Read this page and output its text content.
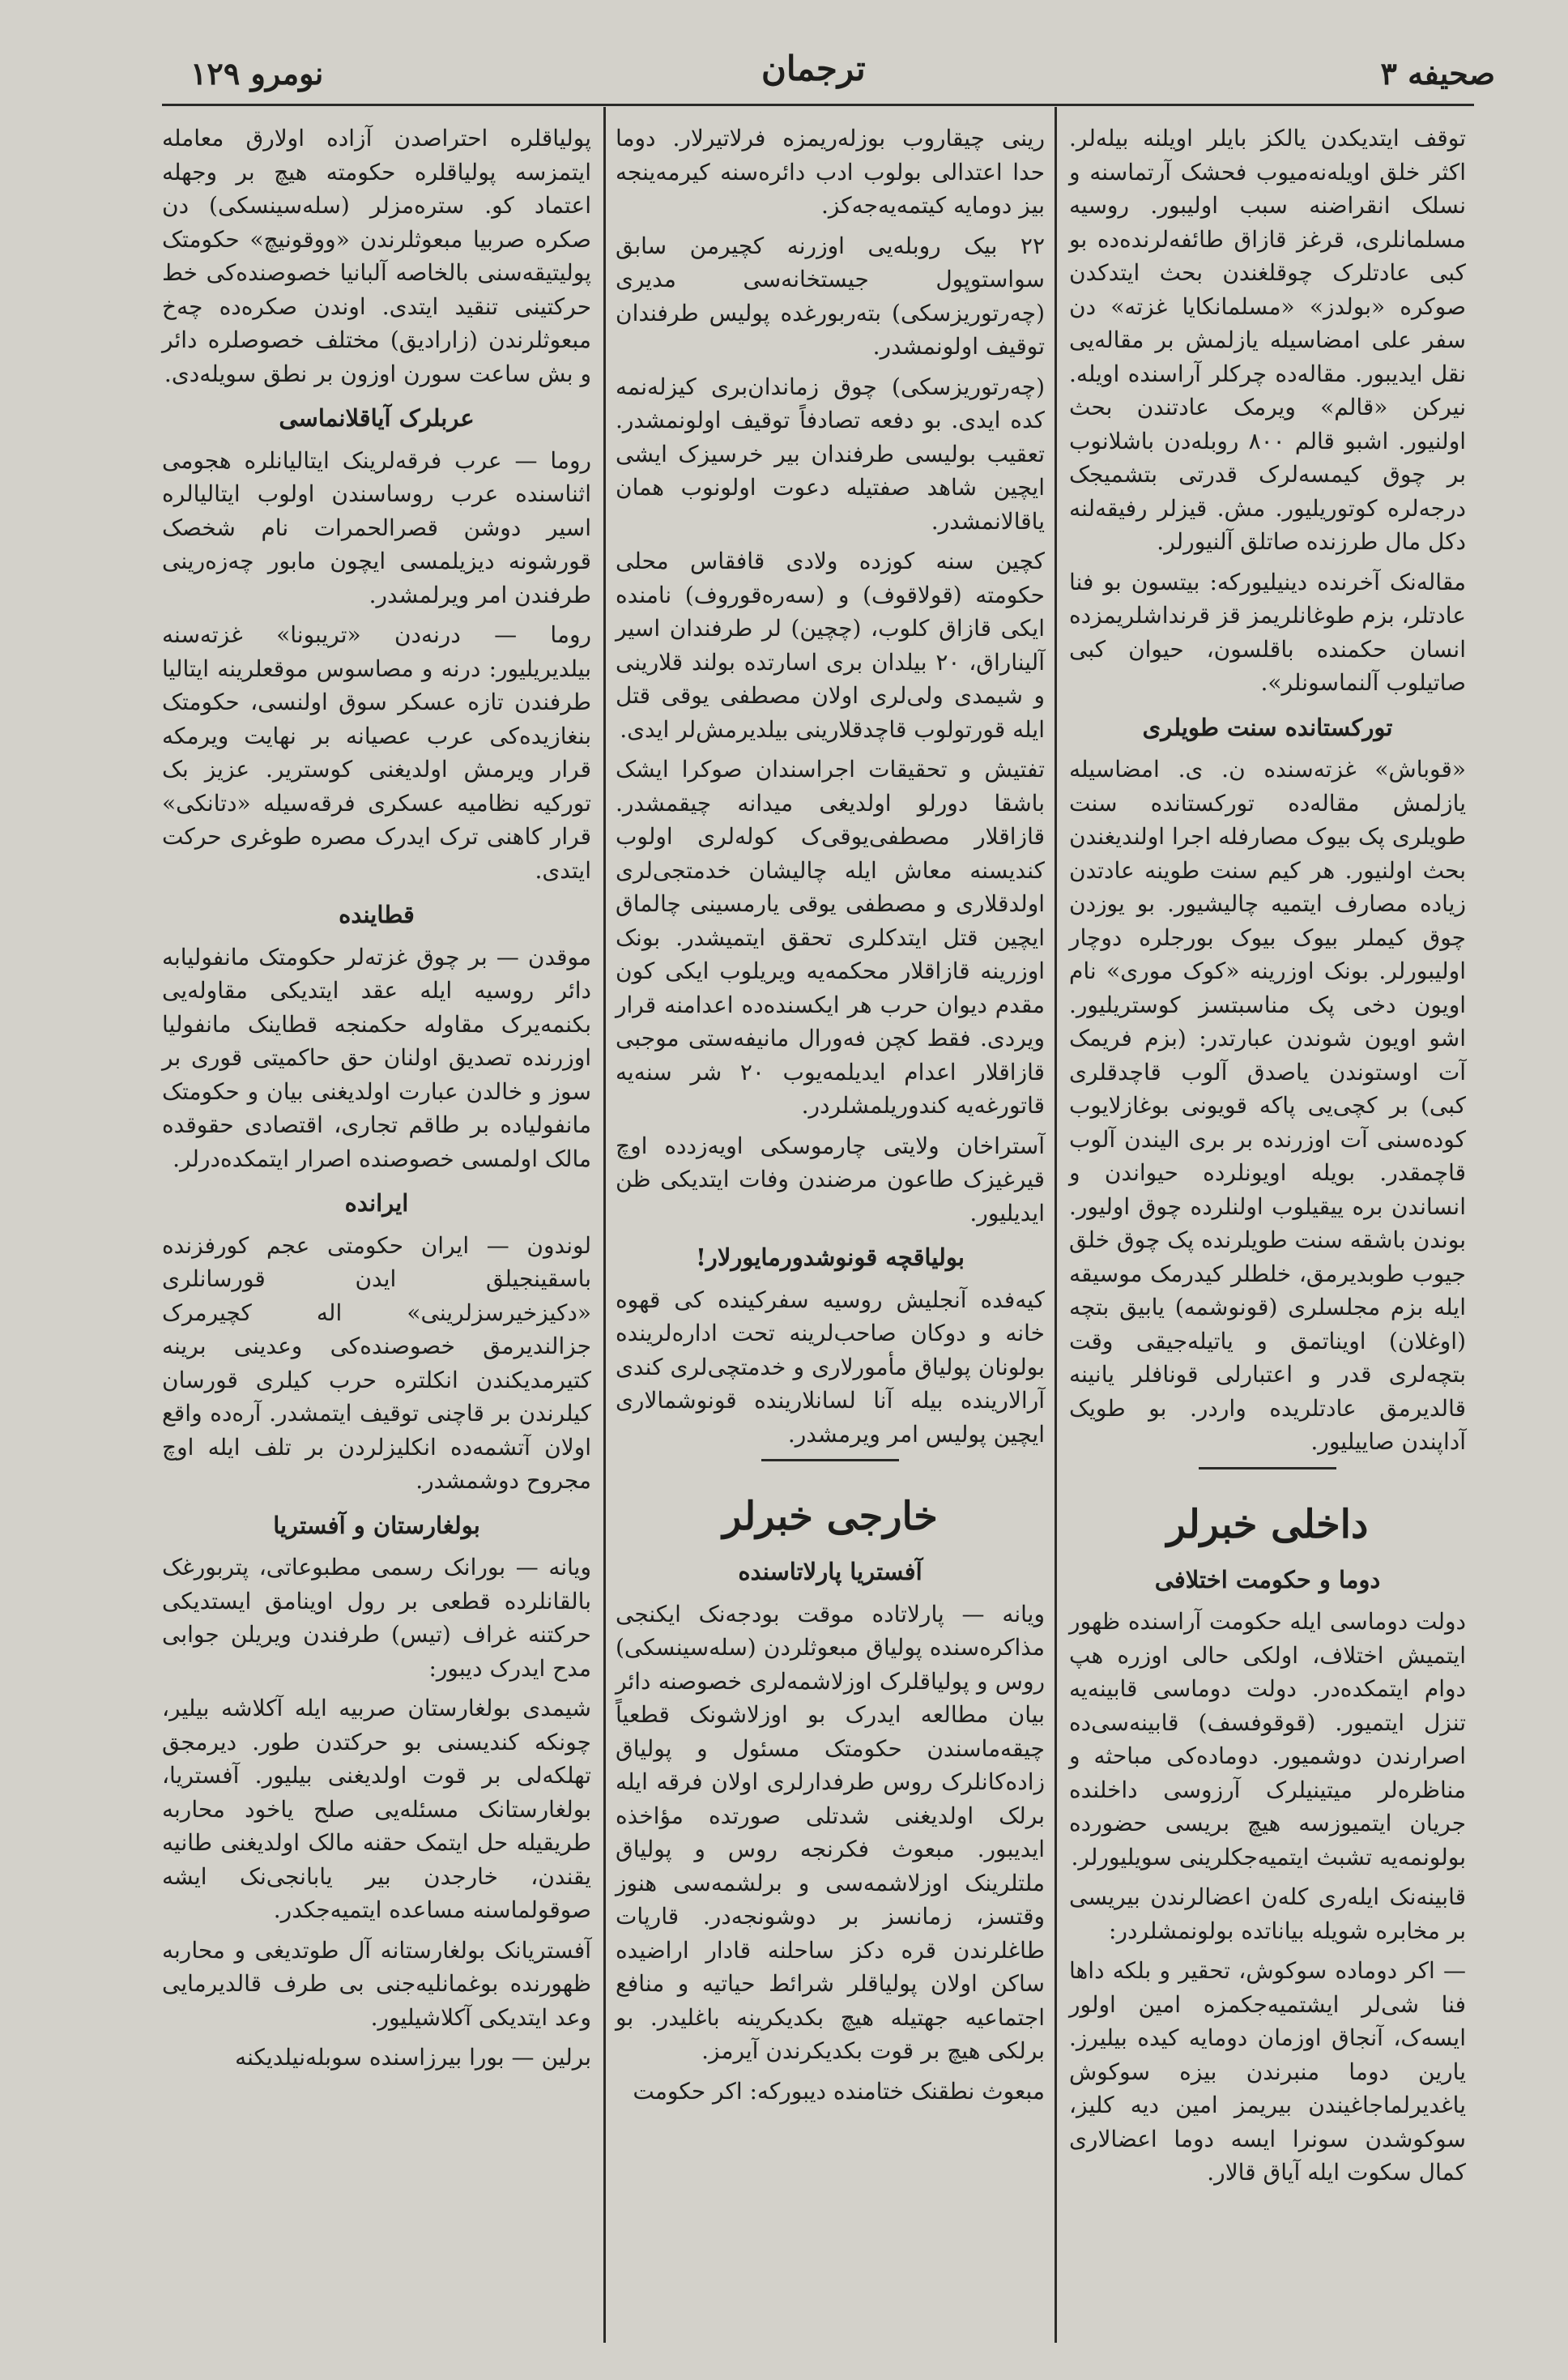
صحیفه ۳
ترجمان
نومرو ۱۲۹

توقف ایتدیکدن یالکز بایلر اویلنه بیله‌لر. اکثر خلق اویله‌نه‌میوب فحشک آرتماسنه و نسلک انقراضنه سبب اولیبور. روسیه مسلمانلری، قرغز قازاق طائفه‌لرنده‌ده بو کبی عادتلرک چوقلغندن بحث ایتدکدن صوکره «بولدز» «مسلمانکایا غزته» دن سفر علی امضاسیله یازلمش بر مقاله‌یی نقل ایدیبور. مقاله‌ده چرکلر آراسنده اویله. نیرکن «قالم» ویرمک عادتندن بحث اولنیور. اشبو قالم ۸۰۰ روبله‌دن باشلانوب بر چوق کیمسه‌لرک قدرتی بتشمیجک درجه‌لره کوتوریلیور. مش. قیزلر رفیقه‌لنه دکل مال طرزنده صاتلق آلنیورلر.

مقاله‌نک آخرنده دینیلیورکه: بیتسون بو فنا عادتلر، بزم طوغانلریمز قز قرنداشلریمزده انسان حکمنده باقلسون، حیوان کبی صاتیلوب آلنماسونلر».

تورکستانده سنت طویلری

«قوباش» غزته‌سنده ن. ی. امضاسیله یازلمش مقاله‌ده تورکستانده سنت طویلری پک بیوک مصارفله اجرا اولندیغندن بحث اولنیور. هر کیم سنت طوینه عادتدن زیاده مصارف ایتمیه چالیشیور. بو یوزدن چوق کیملر بیوک بیوک بورجلره دوچار اولیبورلر. بونک اوزرینه «کوک موری» نام اویون دخی پک مناسبتسز کوستریلیور. اشو اویون شوندن عبارتدر: (بزم فریمک آت اوستوندن یاصدق آلوب قاچدقلری کبی) بر کچی‌یی پاکه قویونی بوغازلایوب کوده‌سنی آت اوزرنده بر بری الیندن آلوب قاچمقدر. بویله اویونلرده حیواندن و انساندن بره ییقیلوب اولنلرده چوق اولیور. بوندن باشقه سنت طویلرنده پک چوق خلق جیوب طوبدیرمق، خلطلر کیدرمک موسیقه ایله بزم مجلسلری (قونوشمه) یابیق بتچه (اوغلان) اویناتمق و یاتیله‌جیقی وقت بتچه‌لری قدر و اعتبارلی قونافلر یانینه قالدیرمق عادتلریده وار‌در. بو طویک آداپندن صاییلیور.

داخلی خبرلر
دوما و حکومت اختلافی

دولت دوماسی ایله حکومت آراسنده ظهور ایتمیش اختلاف، اولکی حالی اوزره هپ دوام ایتمکده‌در. دولت دوماسی قابینه‌یه تنزل ایتمیور. (قوقوفسف) قابینه‌سی‌ده اصرارندن دوشمیور. دوماده‌کی مباحثه و مناظره‌لر میتینیلرک آرزوسی داخلنده جریان ایتمیوزسه هیچ بریسی حضورده بولونمه‌یه تشبث ایتمیه‌جکلرینی سویلیورلر.

قابینه‌نک ایله‌ری کله‌ن اعضالرندن بیریسی بر مخابره شویله بیاناتده بولونمشلردر:

— اکر دوماده سوکوش، تحقیر و بلکه داها فنا شی‌لر ایشتمیه‌جکمزه امین اولور ایسه‌ک، آنجاق اوزمان دومایه کیده بیلیرز. یارین دوما منبرندن بیزه سوکوش یاغدیرلماجاغیندن بیریمز امین دیه کلیز، سوکوشدن سونرا ایسه دوما اعضالاری کمال سکوت ایله آیاق قالار.

رینی چیقاروب بوزله‌ریمزه فرلاتیرلار. دوما حدا اعتدالی بولوب ادب دائره‌سنه کیرمه‌ینجه بیز دومایه کیتمه‌یه‌جه‌کز.

۲۲ بیک روبله‌یی اوزرنه کچیرمن سابق سواستوپول جیستخانه‌سی مدیری (چه‌رتوریزسکی) بته‌ربورغده پولیس طرفندان توقیف اولونمشدر.

(چه‌رتوریزسکی) چوق زماندان‌بری کیزله‌نمه کده ایدی. بو دفعه تصادفاً توقیف اولونمشدر. تعقیب بولیسی طرفندان بیر خرسیزک ایشی ایچین شاهد صفتیله دعوت اولونوب همان یاقالانمشدر.

کچین سنه کوزده ولادی قافقاس محلی حکومته (قولاقوف) و (سه‌ره‌قوروف) نامنده ایکی قازاق کلوب، (چچین) لر طرفندان اسیر آلیناراق، ۲۰ بیلدان بری اسارتده بولند قلارینی و شیمدی ولی‌لری اولان مصطفی یوقی قتل ایله قورتولوب قاچدقلارینی بیلدیرمش‌لر ایدی.

تفتیش و تحقیقات اجراسندان صوکرا ایشک باشقا دورلو اولدیغی میدانه چیقمشدر. قازاقلار مصطفی‌یوقی‌ک کوله‌لری اولوب کندیسنه معاش ایله چالیشان خدمتجی‌لری اولدقلاری و مصطفی یوقی یارمسینی چالماق ایچین قتل ایتدکلری تحقق ایتمیشدر. بونک اوزرینه قازاقلار محکمه‌یه ویریلوب ایکی کون مقدم دیوان حرب هر ایکسنده‌ده اعدامنه قرار ویردی. فقط کچن فه‌ورال مانیفه‌ستی موجبی قازاقلار اعدام ایدیلمه‌یوب ۲۰ شر سنه‌یه قاتورغه‌یه کندوریلمشلردر.

آستراخان ولایتی چارموسکی اویه‌زدده اوچ قیرغیزک طاعون مرضندن وفات ایتدیکی ظن ایدیلیور.

بولیاقچه قونوشدورمایورلار!

کیه‌فده آنجلیش روسیه سفرکینده کی قهوه خانه و دوکان صاحب‌لرینه تحت اداره‌لرینده بولونان پولیاق مأمورلاری و خدمتچی‌لری کندی آرالارینده بیله آنا لسانلارینده قونوشمالاری ایچین پولیس امر ویرمشدر.

خارجی خبرلر
آفستریا پارلاتاسنده

ویانه — پارلاتاده موقت بودجه‌نک ایکنجی مذاکره‌سنده پولیاق مبعوثلردن (سله‌سینسکی) روس و پولیاقلرک اوزلاشمه‌لری خصوصنه دائر بیان مطالعه ایدرک بو اوزلاشونک قطعیاً چیقه‌ماسندن حکومتک مسئول و پولیاق زاده‌کانلرک روس طرفدارلری اولان فرقه ایله برلک اولدیغنی شدتلی صورتده مؤاخذه ایدیبور. مبعوث فکرنجه روس و پولیاق ملتلرینک اوزلاشمه‌سی و برلشمه‌سی هنوز وقتسز، زمانسز بر دوشونجه‌در. قارپات طاغلرندن قره دکز ساحلنه قادار اراضیده ساکن اولان پولیاقلر شرائط حیاتیه و منافع اجتماعیه جهتیله هیچ بکدیکرینه باغلیدر. بو برلکی هیچ بر قوت بکدیکرندن آیرمز.

مبعوث نطقنک ختامنده دیبورکه: اکر حکومت

پولیاقلره احتراصدن آزاده اولارق معامله ایتمزسه پولیاقلره حکومته هیچ بر وجهله اعتماد کو. ستره‌مزلر (سله‌سینسکی) دن صکره صربیا مبعوثلرندن «ووقونیچ» حکومتک پولیتیقه‌سنی بالخاصه آلبانیا خصوصنده‌کی خط حرکتینی تنقید ایتدی. اوندن صکره‌ده چه‌خ مبعوثلرندن (زارادیق) مختلف خصوصلره دائر و بش ساعت سورن اوزون بر نطق سویله‌دی.

عربلرک آیاقلانماسی

روما — عرب فرقه‌لرینک ایتالیانلره هجومی اثناسنده عرب روساسندن اولوب ایتالیالره اسیر دوشن قصرالحمرات نام شخصک قورشونه دیزیلمسی ایچون مابور چه‌زه‌رینی طرفندن امر ویرلمشدر.

روما — درنه‌دن «تریبونا» غزته‌سنه بیلدیریلیور: درنه و مصاسوس موقعلرینه ایتالیا طرفندن تازه عسکر سوق اولنسی، حکومتک بنغازیده‌کی عرب عصیانه بر نهایت ویرمکه قرار ویرمش اولدیغنی کوستریر. عزیز بک تورکیه نظامیه عسکری فرقه‌سیله «دتانکی» قرار کاهنی ترک ایدرک مصره طوغری حرکت ایتدی.

قطاینده

موقدن — بر چوق غزته‌لر حکومتک مانفولیابه دائر روسیه ایله عقد ایتدیکی مقاوله‌یی بکنمه‌یرک مقاوله حکمنجه قطاینک مانفولیا اوزرنده تصدیق اولنان حق حاکمیتی قوری بر سوز و خالدن عبارت اولدیغنی بیان و حکومتک مانفولیاده بر طاقم تجاری، اقتصادی حقوقده مالک اولمسی خصوصنده اصرار ایتمکده‌درلر.

ایرانده

لوندون — ایران حکومتی عجم کورفزنده باسقینجیلق ایدن قورسانلری «دکیزخیرسزلرینی» اله کچیرمرک جزالندیرمق خصوصنده‌کی وعدینی برینه کتیرمدیکندن انکلتره حرب کیلری قورسان کیلرندن بر قاچنی توقیف ایتمشدر. آره‌ده واقع اولان آتشمه‌ده انکلیزلردن بر تلف ایله اوچ مجروح دوشمشدر.

بولغارستان و آفستریا

ویانه — بورانک رسمی مطبوعاتی، پتربورغک بالقانلرده قطعی بر رول اوینامق ایستدیکی حرکتنه غراف (تیس) طرفندن ویریلن جوابی مدح ایدرک دیبور:

شیمدی بولغارستان صربیه ایله آکلاشه بیلیر، چونکه کندیسنی بو حرکتدن طور. دیرمجق تهلکه‌لی بر قوت اولدیغنی بیلیور. آفستریا، بولغارستانک مسئله‌یی صلح یاخود محاربه طریقیله حل ایتمک حقنه مالک اولدیغنی طانیه یقندن، خارجدن بیر یابانجی‌نک ایشه صوقولماسنه مساعده ایتمیه‌جکدر.

آفستریانک بولغارستانه آل طوتدیغی و محاربه ظهورنده بوغمانلیه‌جنی بی طرف قالدیرمایی وعد ایتدیکی آکلاشیلیور.

برلین — بورا بیرزاسنده سوبله‌نیلدیکنه
